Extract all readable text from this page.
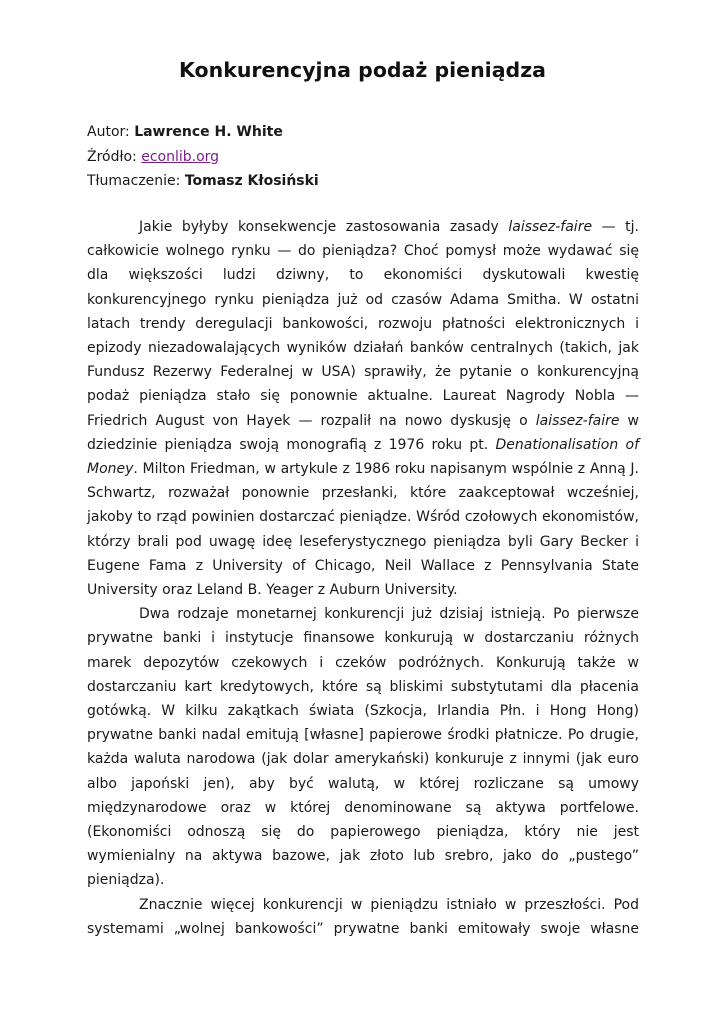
Konkurencyjna podaż pieniądza
Autor: Lawrence H. White
Źródło: econlib.org
Tłumaczenie: Tomasz Kłosiński

Jakie byłyby konsekwencje zastosowania zasady laissez-faire — tj. całkowicie wolnego rynku — do pieniądza? Choć pomysł może wydawać się dla większości ludzi dziwny, to ekonomiści dyskutowali kwestię konkurencyjnego rynku pieniądza już od czasów Adama Smitha. W ostatni latach trendy deregulacji bankowości, rozwoju płatności elektronicznych i epizody niezadowalających wyników działań banków centralnych (takich, jak Fundusz Rezerwy Federalnej w USA) sprawiły, że pytanie o konkurencyjną podaż pieniądza stało się ponownie aktualne. Laureat Nagrody Nobla — Friedrich August von Hayek — rozpalił na nowo dyskusję o laissez-faire w dziedzinie pieniądza swoją monografią z 1976 roku pt. Denationalisation of Money. Milton Friedman, w artykule z 1986 roku napisanym wspólnie z Anną J. Schwartz, rozważał ponownie przesłanki, które zaakceptował wcześniej, jakoby to rząd powinien dostarczać pieniądze. Wśród czołowych ekonomistów, którzy brali pod uwagę ideę leseferystycznego pieniądza byli Gary Becker i Eugene Fama z University of Chicago, Neil Wallace z Pennsylvania State University oraz Leland B. Yeager z Auburn University.

Dwa rodzaje monetarnej konkurencji już dzisiaj istnieją. Po pierwsze prywatne banki i instytucje finansowe konkurują w dostarczaniu różnych marek depozytów czekowych i czeków podróżnych. Konkurują także w dostarczaniu kart kredytowych, które są bliskimi substytutami dla płacenia gotówką. W kilku zakątkach świata (Szkocja, Irlandia Płn. i Hong Hong) prywatne banki nadal emitują [własne] papierowe środki płatnicze. Po drugie, każda waluta narodowa (jak dolar amerykański) konkuruje z innymi (jak euro albo japoński jen), aby być walutą, w której rozliczane są umowy międzynarodowe oraz w której denominowane są aktywa portfelowe. (Ekonomiści odnoszą się do papierowego pieniądza, który nie jest wymienialny na aktywa bazowe, jak złoto lub srebro, jako do „pustego” pieniądza).

Znacznie więcej konkurencji w pieniądzu istniało w przeszłości. Pod systemami „wolnej bankowości” prywatne banki emitowały swoje własne
